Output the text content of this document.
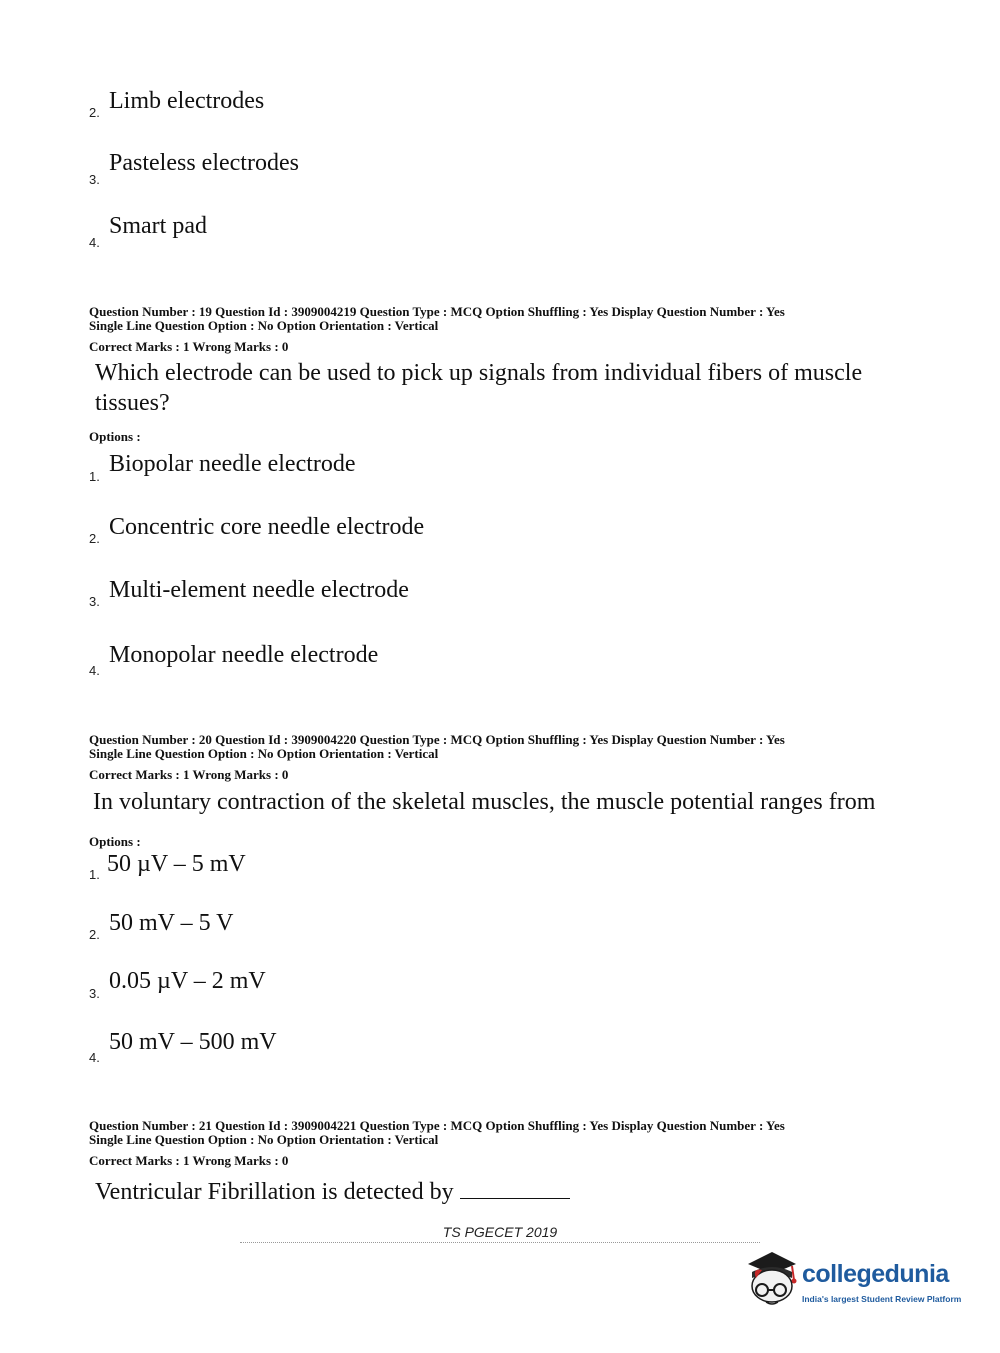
2. Limb electrodes
3.
Pasteless electrodes
4.
Smart pad
Question Number : 19 Question Id : 3909004219 Question Type : MCQ Option Shuffling : Yes Display Question Number : Yes
Single Line Question Option : No Option Orientation : Vertical
Correct Marks : 1 Wrong Marks : 0
Which electrode can be used to pick up signals from individual fibers of muscle tissues?
Options :
1. Biopolar needle electrode
2. Concentric core needle electrode
3. Multi-element needle electrode
4.
Monopolar needle electrode
Question Number : 20 Question Id : 3909004220 Question Type : MCQ Option Shuffling : Yes Display Question Number : Yes
Single Line Question Option : No Option Orientation : Vertical
Correct Marks : 1 Wrong Marks : 0
In voluntary contraction of the skeletal muscles, the muscle potential ranges from
Options :
1. 50 µV – 5 mV
2. 50 mV – 5 V
3. 0.05 µV – 2 mV
4.
50 mV – 500 mV
Question Number : 21 Question Id : 3909004221 Question Type : MCQ Option Shuffling : Yes Display Question Number : Yes
Single Line Question Option : No Option Orientation : Vertical
Correct Marks : 1 Wrong Marks : 0
Ventricular Fibrillation is detected by
TS PGECET 2019
collegedunia
India's largest Student Review Platform
